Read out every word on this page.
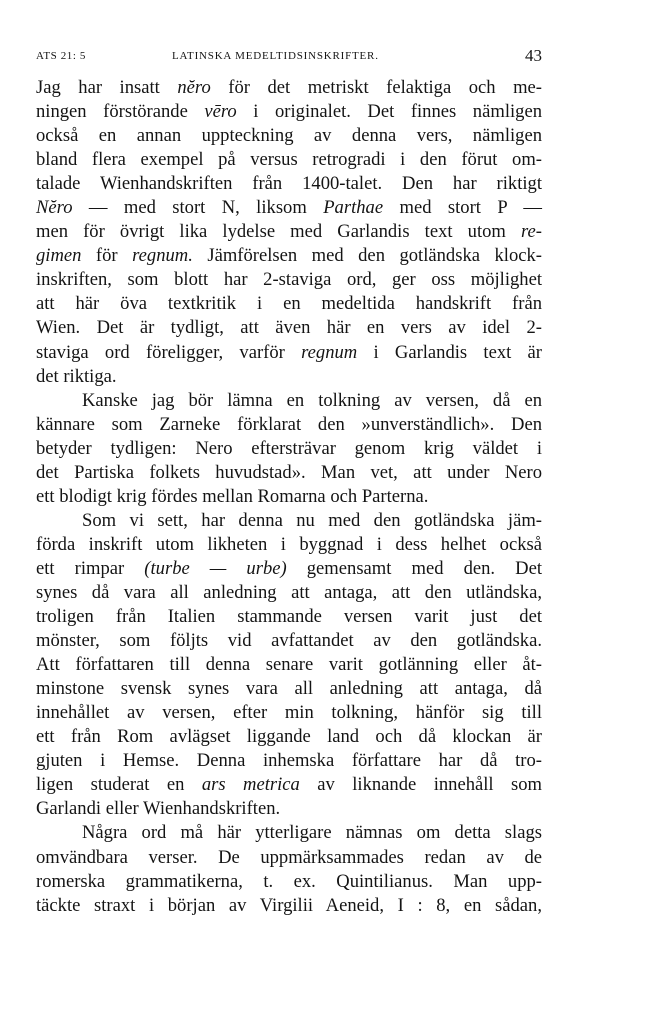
ATS 21: 5	LATINSKA MEDELTIDSINSKRIFTER.	43
Jag har insatt nĕro för det metriskt felaktiga och me-
ningen förstörande vēro i originalet. Det finnes nämligen
också en annan uppteckning av denna vers, nämligen
bland flera exempel på versus retrogradi i den förut om-
talade Wienhandskriften från 1400-talet. Den har riktigt
Nĕro — med stort N, liksom Parthae med stort P —
men för övrigt lika lydelse med Garlandis text utom re-
gimen för regnum. Jämförelsen med den gotländska klock-
inskriften, som blott har 2-staviga ord, ger oss möjlighet
att här öva textkritik i en medeltida handskrift från
Wien. Det är tydligt, att även här en vers av idel 2-
staviga ord föreligger, varför regnum i Garlandis text är
det riktiga.
Kanske jag bör lämna en tolkning av versen, då en
kännare som Zarneke förklarat den »unverständlich». Den
betyder tydligen: Nero eftersträvar genom krig väldet i
det Partiska folkets huvudstad». Man vet, att under Nero
ett blodigt krig fördes mellan Romarna och Parterna.
Som vi sett, har denna nu med den gotländska jäm-
förda inskrift utom likheten i byggnad i dess helhet också
ett rimpar (turbe — urbe) gemensamt med den. Det
synes då vara all anledning att antaga, att den utländska,
troligen från Italien stammande versen varit just det
mönster, som följts vid avfattandet av den gotländska.
Att författaren till denna senare varit gotlänning eller åt-
minstone svensk synes vara all anledning att antaga, då
innehållet av versen, efter min tolkning, hänför sig till
ett från Rom avlägset liggande land och då klockan är
gjuten i Hemse. Denna inhemska författare har då tro-
ligen studerat en ars metrica av liknande innehåll som
Garlandi eller Wienhandskriften.
Några ord må här ytterligare nämnas om detta slags
omvändbara verser. De uppmärksammades redan av de
romerska grammatikerna, t. ex. Quintilianus. Man upp-
täckte straxt i början av Virgilii Aeneid, I : 8, en sådan,
